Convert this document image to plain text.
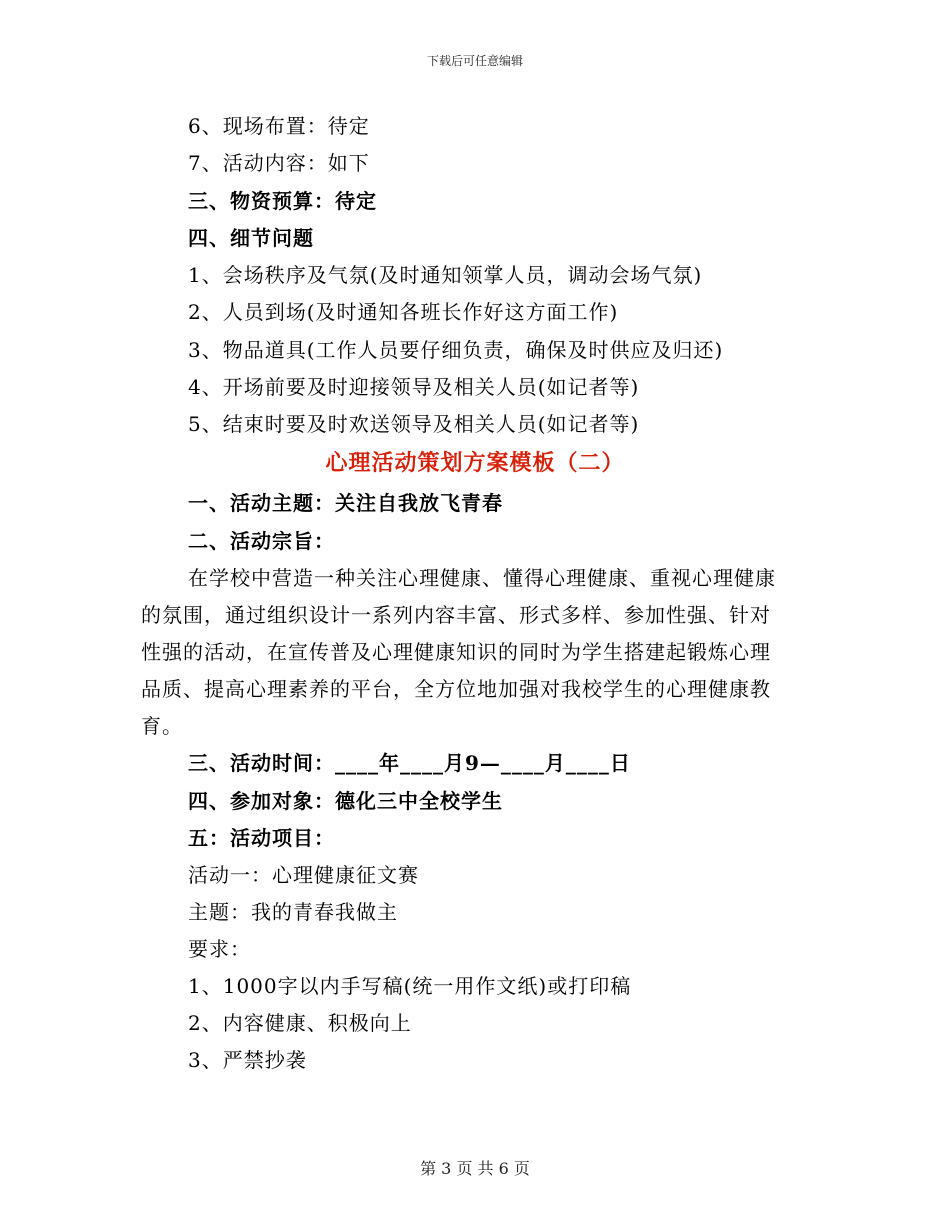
下载后可任意编辑
6、现场布置：待定
7、活动内容：如下
三、物资预算：待定
四、细节问题
1、会场秩序及气氛(及时通知领掌人员，调动会场气氛)
2、人员到场(及时通知各班长作好这方面工作)
3、物品道具(工作人员要仔细负责，确保及时供应及归还)
4、开场前要及时迎接领导及相关人员(如记者等)
5、结束时要及时欢送领导及相关人员(如记者等)
心理活动策划方案模板（二）
一、活动主题：关注自我放飞青春
二、活动宗旨：
在学校中营造一种关注心理健康、懂得心理健康、重视心理健康
的氛围，通过组织设计一系列内容丰富、形式多样、参加性强、针对
性强的活动，在宣传普及心理健康知识的同时为学生搭建起锻炼心理
品质、提高心理素养的平台，全方位地加强对我校学生的心理健康教
育。
三、活动时间：____年____月9—____月____日
四、参加对象：德化三中全校学生
五：活动项目：
活动一：心理健康征文赛
主题：我的青春我做主
要求：
1、1000字以内手写稿(统一用作文纸)或打印稿
2、内容健康、积极向上
3、严禁抄袭
第 3 页 共 6 页
